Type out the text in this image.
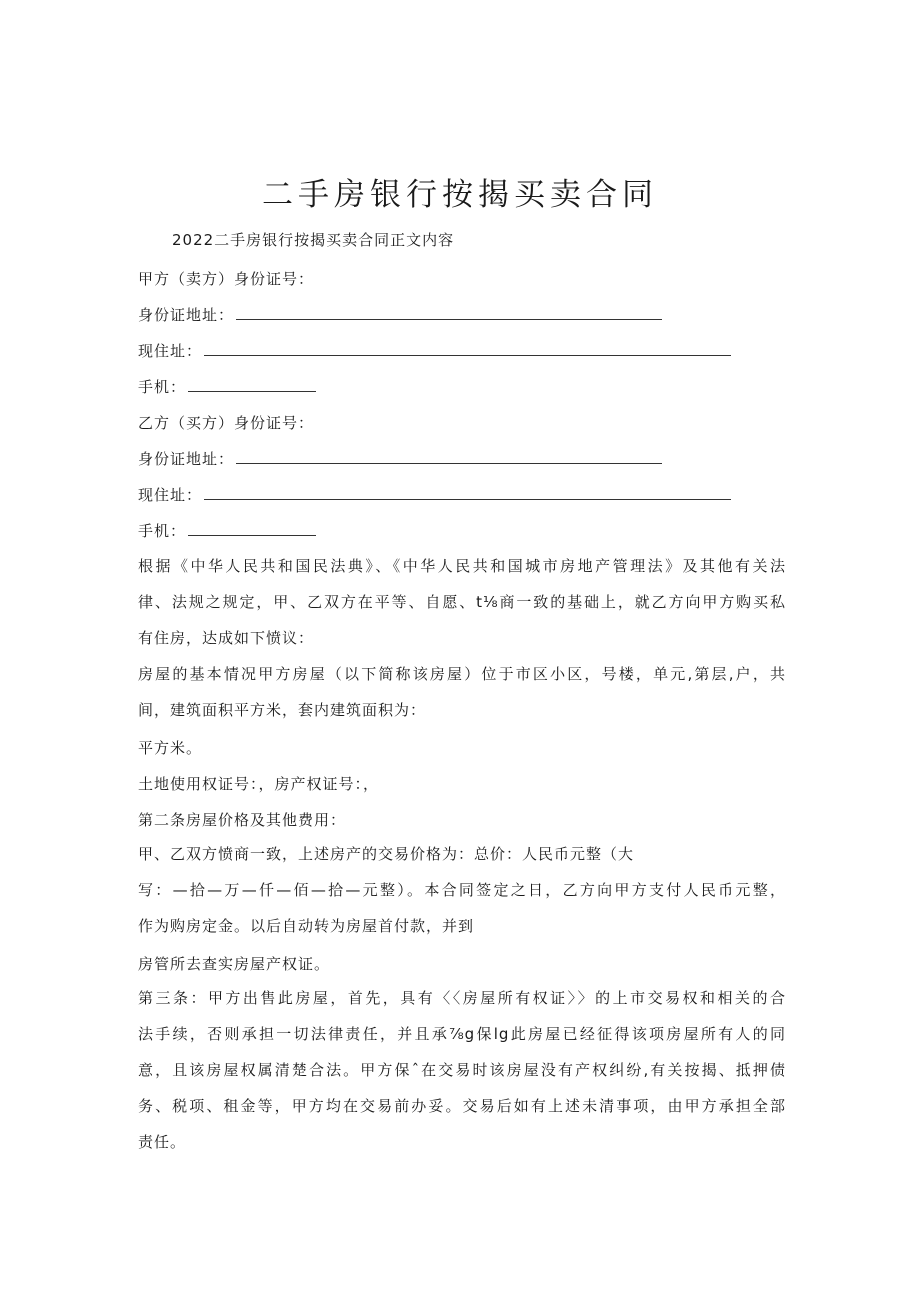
二手房银行按揭买卖合同
2022二手房银行按揭买卖合同正文内容
甲方（卖方）身份证号：
身份证地址：
现住址：
手机：
乙方（买方）身份证号：
身份证地址：
现住址：
手机：
根据《中华人民共和国民法典》、《中华人民共和国城市房地产管理法》及其他有关法
律、法规之规定，甲、乙双方在平等、自愿、t⅛商一致的基础上，就乙方向甲方购买私
有住房，达成如下愤议：
房屋的基本情况甲方房屋（以下简称该房屋）位于市区小区，号楼，单元,第层,户，共
间，建筑面积平方米，套内建筑面积为：
平方米。
土地使用权证号：，房产权证号：，
第二条房屋价格及其他费用：
甲、乙双方愤商一致，上述房产的交易价格为：总价：人民币元整（大
写：—拾—万—仟—佰—拾—元整）。本合同签定之日，乙方向甲方支付人民币元整，
作为购房定金。以后自动转为房屋首付款，并到
房管所去查实房屋产权证。
第三条：甲方出售此房屋，首先，具有〈〈房屋所有权证〉〉的上市交易权和相关的合
法手续，否则承担一切法律责任，并且承⅞g保lg此房屋已经征得该项房屋所有人的同
意，且该房屋权属清楚合法。甲方保ˆ在交易时该房屋没有产权纠纷,有关按揭、抵押债
务、税项、租金等，甲方均在交易前办妥。交易后如有上述未清事项，由甲方承担全部
责任。
